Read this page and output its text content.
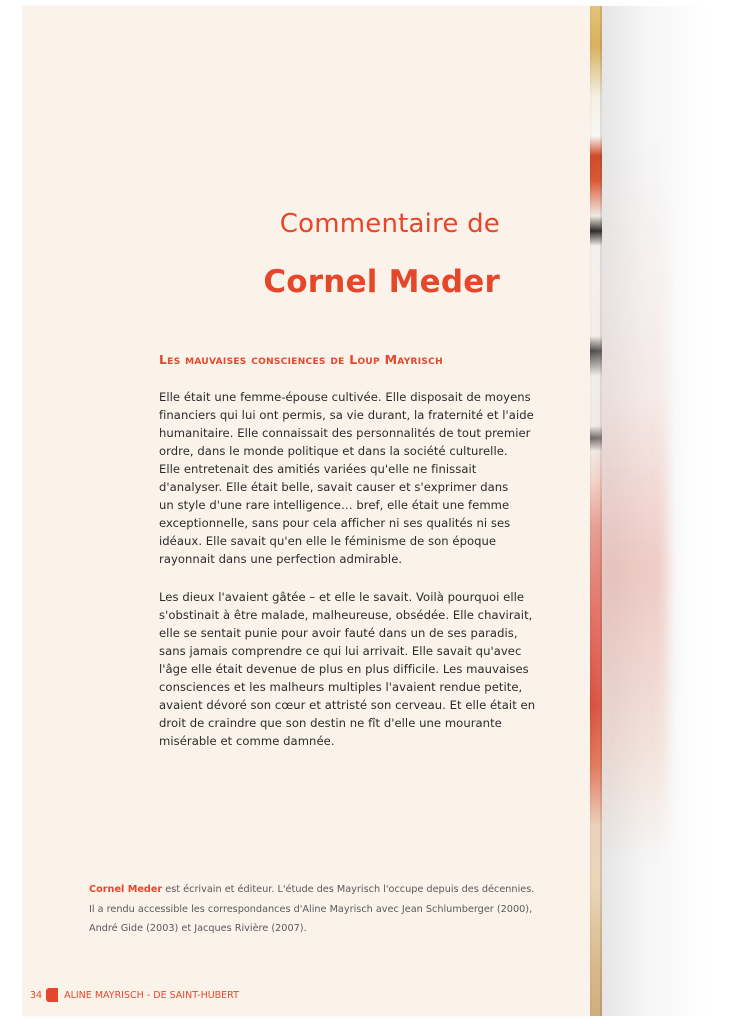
Commentaire de
Cornel Meder
Les mauvaises consciences de Loup Mayrisch
Elle était une femme-épouse cultivée. Elle disposait de moyens
financiers qui lui ont permis, sa vie durant, la fraternité et l'aide
humanitaire. Elle connaissait des personnalités de tout premier
ordre, dans le monde politique et dans la société culturelle.
Elle entretenait des amitiés variées qu'elle ne finissait
d'analyser. Elle était belle, savait causer et s'exprimer dans
un style d'une rare intelligence… bref, elle était une femme
exceptionnelle, sans pour cela afficher ni ses qualités ni ses
idéaux. Elle savait qu'en elle le féminisme de son époque
rayonnait dans une perfection admirable.
Les dieux l'avaient gâtée – et elle le savait. Voilà pourquoi elle
s'obstinait à être malade, malheureuse, obsédée. Elle chavirait,
elle se sentait punie pour avoir fauté dans un de ses paradis,
sans jamais comprendre ce qui lui arrivait. Elle savait qu'avec
l'âge elle était devenue de plus en plus difficile. Les mauvaises
consciences et les malheurs multiples l'avaient rendue petite,
avaient dévoré son cœur et attristé son cerveau. Et elle était en
droit de craindre que son destin ne fît d'elle une mourante
misérable et comme damnée.
Cornel Meder est écrivain et éditeur. L'étude des Mayrisch l'occupe depuis des décennies.
Il a rendu accessible les correspondances d'Aline Mayrisch avec Jean Schlumberger (2000),
André Gide (2003) et Jacques Rivière (2007).
34 ALINE MAYRISCH - DE SAINT-HUBERT
